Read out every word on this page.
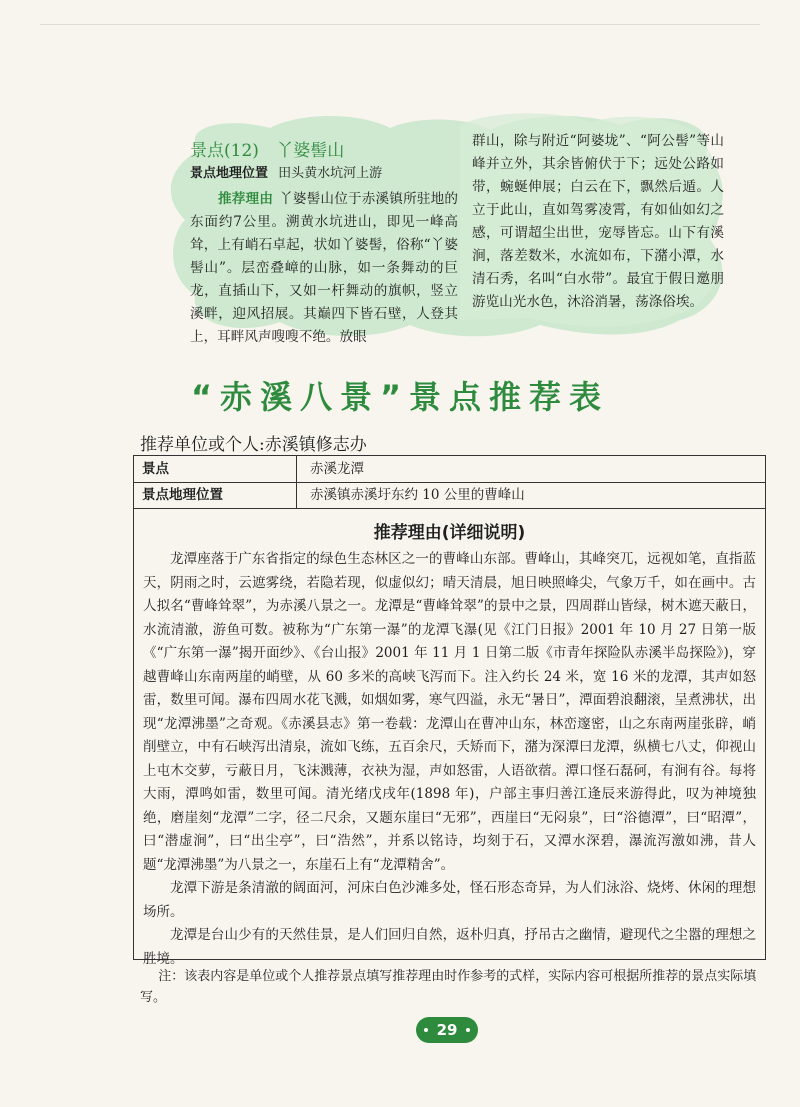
景点(12) 丫婆髻山
景点地理位置 田头黄水坑河上游
推荐理由 丫婆髻山位于赤溪镇所驻地的东面约7公里。溯黄水坑进山，即见一峰高耸，上有峭石卓起，状如丫婆髻，俗称“丫婆髻山”。层峦叠嶂的山脉，如一条舞动的巨龙，直插山下，又如一杆舞动的旗帜，竖立溪畔，迎风招展。其巅四下皆石壁，人登其上，耳畔风声嗖嗖不绝。放眼
群山，除与附近“阿婆垅”、“阿公髻”等山峰并立外，其余皆俯伏于下；远处公路如带，蜿蜒伸展；白云在下，飘然后遁。人立于此山，直如驾雾凌霄，有如仙如幻之感，可谓超尘出世，宠辱皆忘。山下有溪涧，落差数米，水流如布，下潴小潭，水清石秀，名叫“白水带”。最宜于假日邀朋游览山光水色，沐浴消暑，荡涤俗埃。
“赤溪八景”景点推荐表
推荐单位或个人:赤溪镇修志办
景点	赤溪龙潭
景点地理位置	赤溪镇赤溪圩东约 10 公里的曹峰山
推荐理由(详细说明)

龙潭座落于广东省指定的绿色生态林区之一的曹峰山东部。曹峰山，其峰突兀，远视如笔，直指蓝天，阴雨之时，云遮雾绕，若隐若现，似虚似幻；晴天清晨，旭日映照峰尖，气象万千，如在画中。古人拟名“曹峰耸翠”，为赤溪八景之一。龙潭是“曹峰耸翠”的景中之景，四周群山皆绿，树木遮天蔽日，水流清澈，游鱼可数。被称为“广东第一瀑”的龙潭飞瀑(见《江门日报》2001 年 10 月 27 日第一版《“广东第一瀑”揭开面纱》、《台山报》2001 年 11 月 1 日第二版《市青年探险队赤溪半岛探险》)，穿越曹峰山东南两崖的峭壁，从 60 多米的高峡飞泻而下。注入约长 24 米，宽 16 米的龙潭，其声如怒雷，数里可闻。瀑布四周水花飞溅，如烟如雾，寒气四溢，永无“暑日”，潭面碧浪翻滚，呈煮沸状，出现“龙潭沸墨”之奇观。《赤溪县志》第一卷载：龙潭山在曹冲山东，林峦邃密，山之东南两崖张辟，峭削壁立，中有石峡泻出清泉，流如飞练，五百余尺，夭矫而下，潴为深潭曰龙潭，纵横七八丈，仰视山上屯木交萝，亏蔽日月，飞沫溅薄，衣袂为湿，声如怒雷，人语欲蓿。潭口怪石磊砢，有涧有谷。每将大雨，潭鸣如雷，数里可闻。清光绪戊戌年(1898 年)，户部主事归善江逢辰来游得此，叹为神境独绝，磨崖刻“龙潭”二字，径二尺余，又题东崖曰“无邪”，西崖曰“无闷泉”，曰“浴德潭”，曰“昭潭”，曰“潜虚涧”，曰“出尘亭”，曰“浩然”，并系以铭诗，均刻于石，又潭水深碧，瀑流泻激如沸，昔人题“龙潭沸墨”为八景之一，东崖石上有“龙潭精舍”。

龙潭下游是条清澈的阔面河，河床白色沙滩多处，怪石形态奇异，为人们泳浴、烧烤、休闲的理想场所。

龙潭是台山少有的天然佳景，是人们回归自然，返朴归真，抒吊古之幽情，避现代之尘嚣的理想之胜境。

注：该表内容是单位或个人推荐景点填写推荐理由时作参考的式样，实际内容可根据所推荐的景点实际填写。
29
